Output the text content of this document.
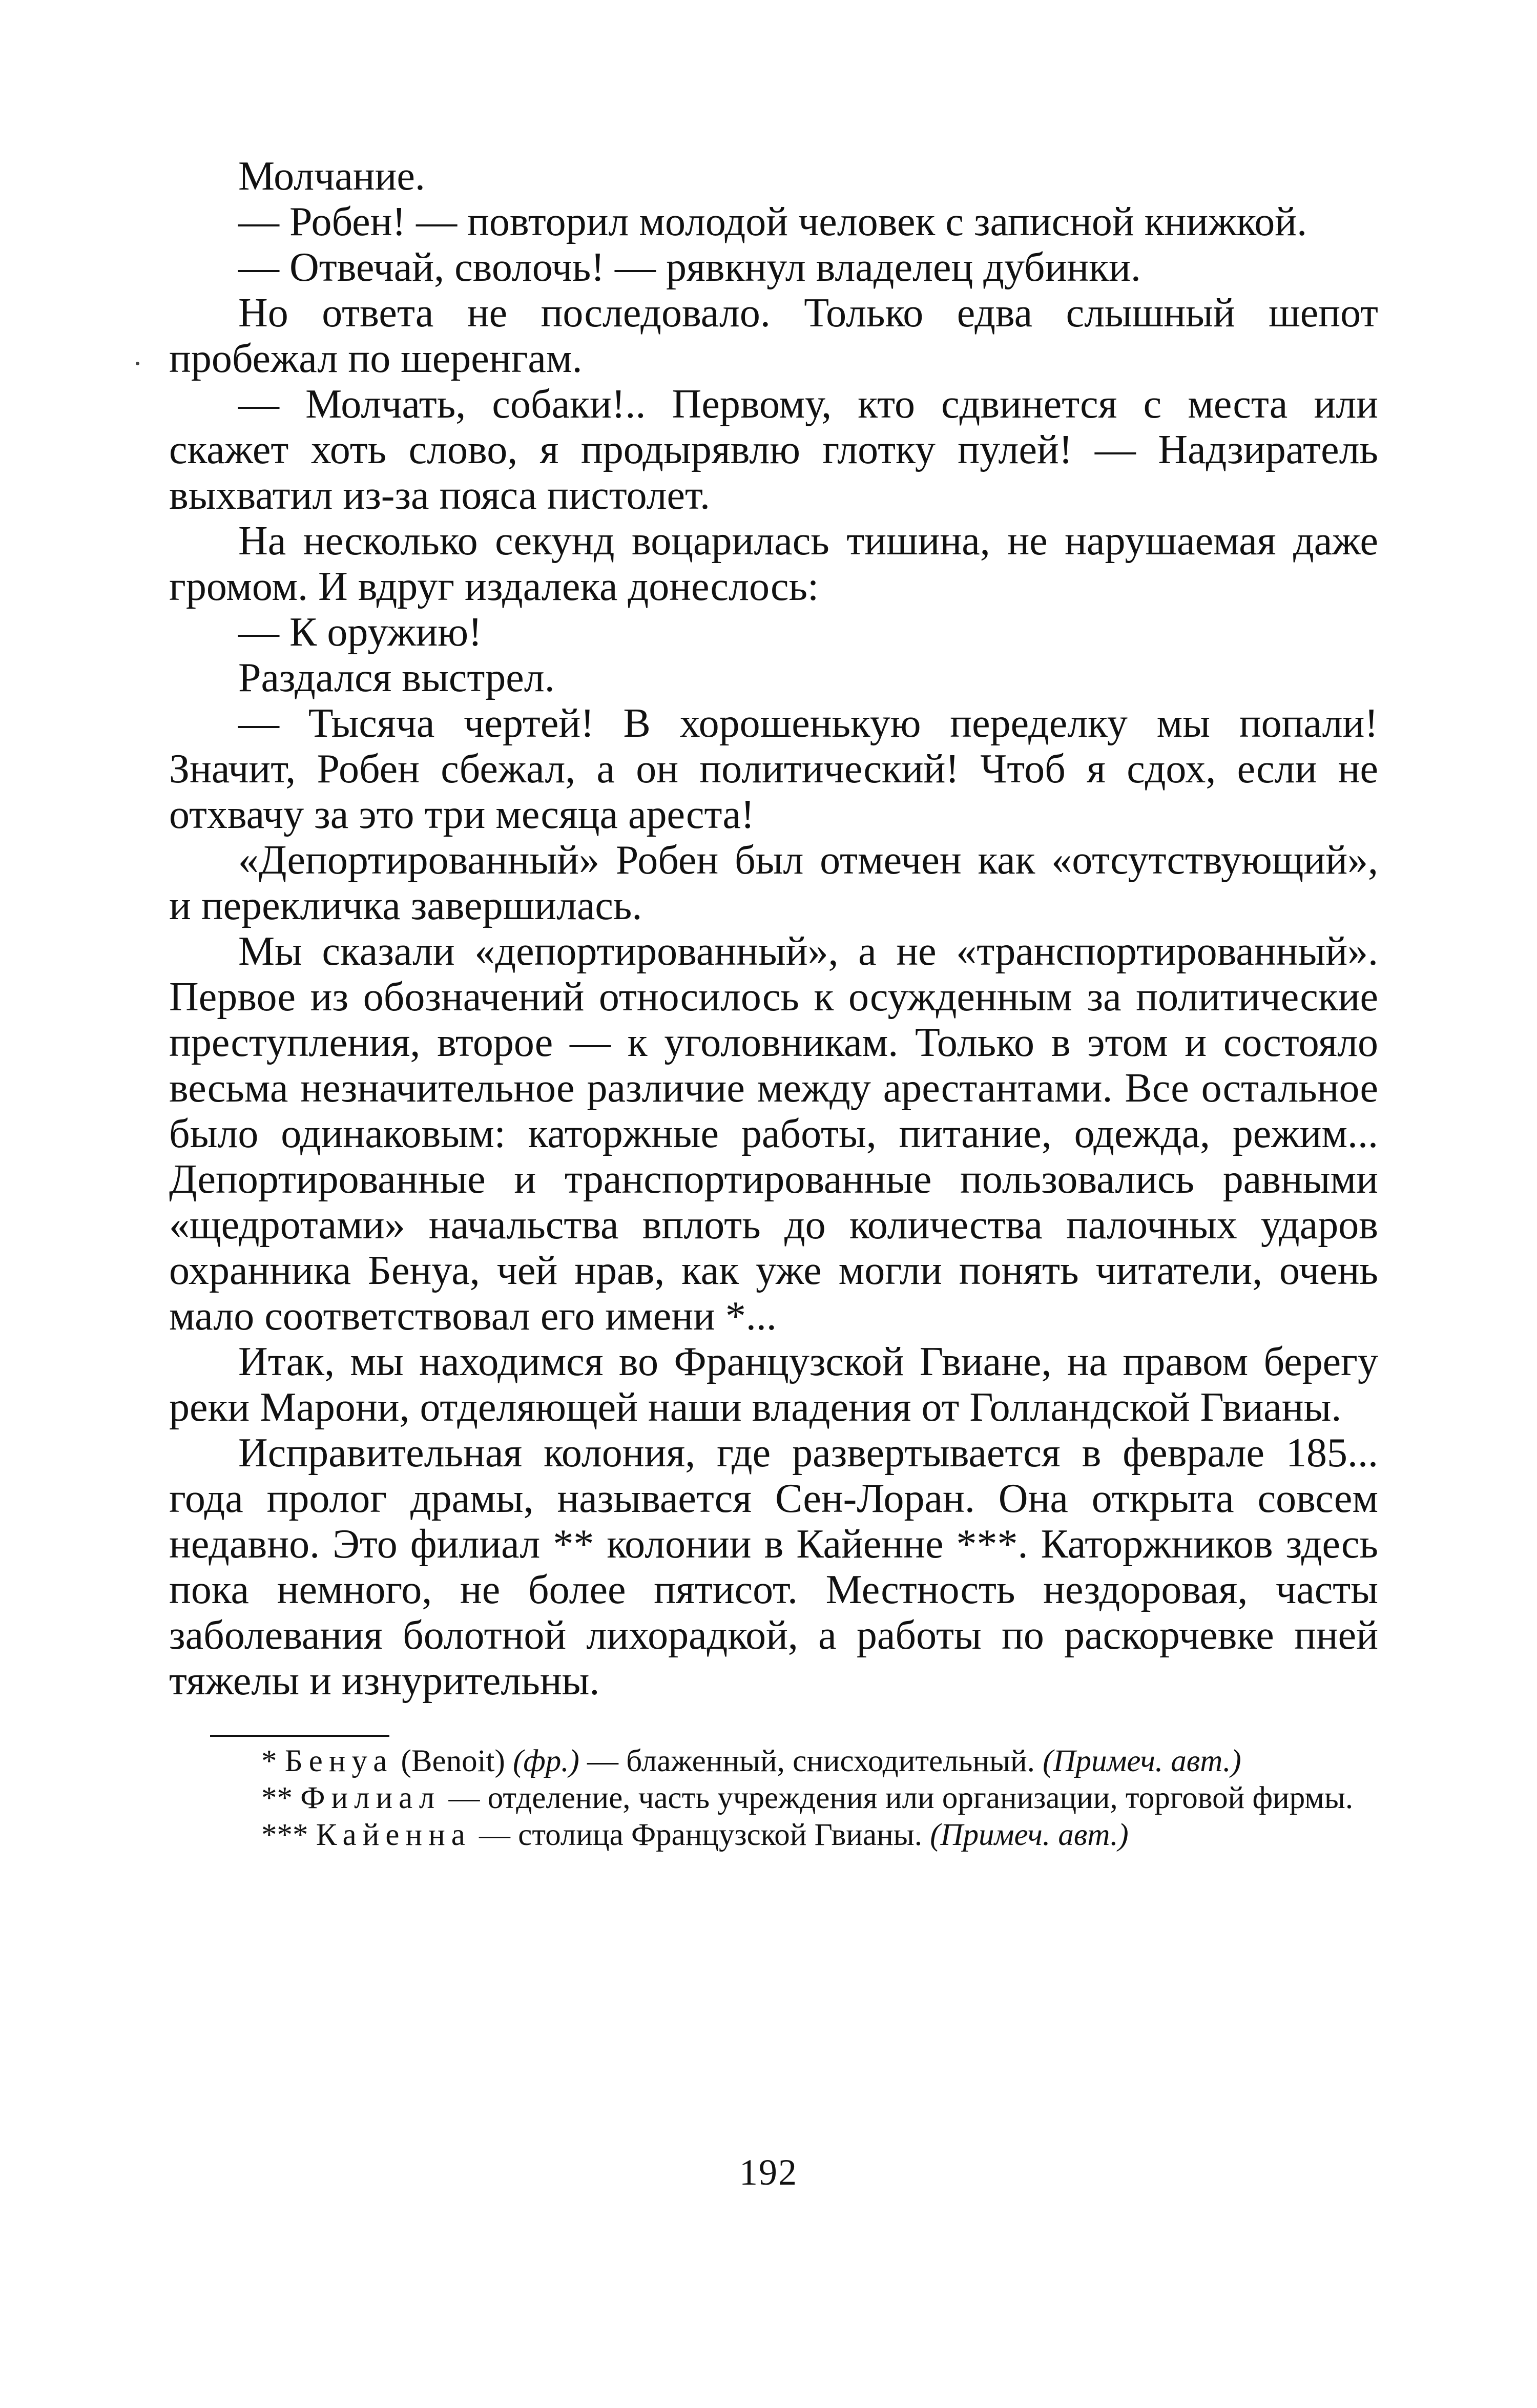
Молчание.

— Робен! — повторил молодой человек с записной книжкой.

— Отвечай, сволочь! — рявкнул владелец дубинки.

Но ответа не последовало. Только едва слышный шепот пробежал по шеренгам.

— Молчать, собаки!.. Первому, кто сдвинется с места или скажет хоть слово, я продырявлю глотку пулей! — Надзиратель выхватил из-за пояса пистолет.

На несколько секунд воцарилась тишина, не нарушаемая даже громом. И вдруг издалека донеслось:

— К оружию!

Раздался выстрел.

— Тысяча чертей! В хорошенькую переделку мы попали! Значит, Робен сбежал, а он политический! Чтоб я сдох, если не отхвачу за это три месяца ареста!

«Депортированный» Робен был отмечен как «отсутствующий», и перекличка завершилась.

Мы сказали «депортированный», а не «транспортированный». Первое из обозначений относилось к осужденным за политические преступления, второе — к уголовникам. Только в этом и состояло весьма незначительное различие между арестантами. Все остальное было одинаковым: каторжные работы, питание, одежда, режим... Депортированные и транспортированные пользовались равными «щедротами» начальства вплоть до количества палочных ударов охранника Бенуа, чей нрав, как уже могли понять читатели, очень мало соответствовал его имени *...

Итак, мы находимся во Французской Гвиане, на правом берегу реки Марони, отделяющей наши владения от Голландской Гвианы.

Исправительная колония, где развертывается в феврале 185... года пролог драмы, называется Сен-Лоран. Она открыта совсем недавно. Это филиал ** колонии в Кайенне ***. Каторжников здесь пока немного, не более пятисот. Местность нездоровая, часты заболевания болотной лихорадкой, а работы по раскорчевке пней тяжелы и изнурительны.

* Бенуа (Benoit) (фр.) — блаженный, снисходительный. (Примеч. авт.)

** Филиал — отделение, часть учреждения или организации, торговой фирмы.

*** Кайенна — столица Французской Гвианы. (Примеч. авт.)

192
